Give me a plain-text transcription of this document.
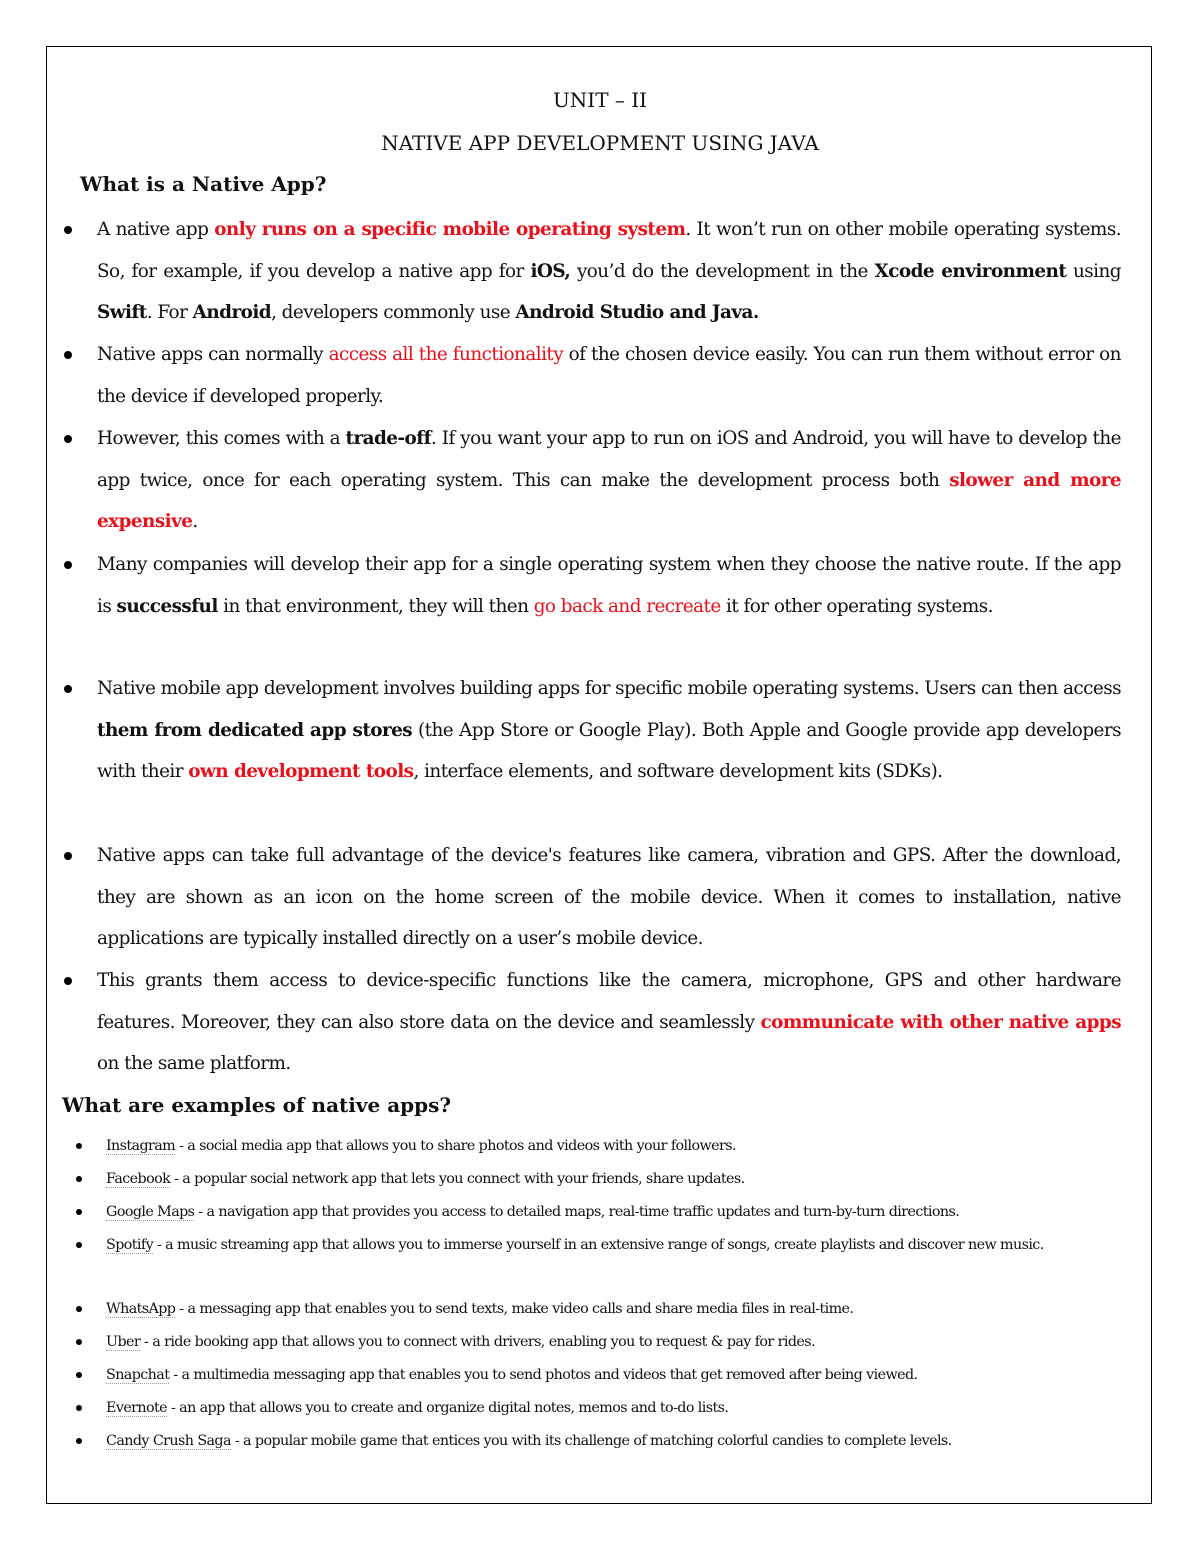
UNIT – II
NATIVE APP DEVELOPMENT USING JAVA
What is a Native App?
A native app only runs on a specific mobile operating system. It won’t run on other mobile operating systems. So, for example, if you develop a native app for iOS, you’d do the development in the Xcode environment using Swift. For Android, developers commonly use Android Studio and Java.
Native apps can normally access all the functionality of the chosen device easily. You can run them without error on the device if developed properly.
However, this comes with a trade-off. If you want your app to run on iOS and Android, you will have to develop the app twice, once for each operating system. This can make the development process both slower and more expensive.
Many companies will develop their app for a single operating system when they choose the native route. If the app is successful in that environment, they will then go back and recreate it for other operating systems.
Native mobile app development involves building apps for specific mobile operating systems. Users can then access them from dedicated app stores (the App Store or Google Play). Both Apple and Google provide app developers with their own development tools, interface elements, and software development kits (SDKs).
Native apps can take full advantage of the device's features like camera, vibration and GPS. After the download, they are shown as an icon on the home screen of the mobile device. When it comes to installation, native applications are typically installed directly on a user’s mobile device.
This grants them access to device-specific functions like the camera, microphone, GPS and other hardware features. Moreover, they can also store data on the device and seamlessly communicate with other native apps on the same platform.
What are examples of native apps?
Instagram - a social media app that allows you to share photos and videos with your followers.
Facebook - a popular social network app that lets you connect with your friends, share updates.
Google Maps - a navigation app that provides you access to detailed maps, real-time traffic updates and turn-by-turn directions.
Spotify - a music streaming app that allows you to immerse yourself in an extensive range of songs, create playlists and discover new music.
WhatsApp - a messaging app that enables you to send texts, make video calls and share media files in real-time.
Uber - a ride booking app that allows you to connect with drivers, enabling you to request & pay for rides.
Snapchat - a multimedia messaging app that enables you to send photos and videos that get removed after being viewed.
Evernote - an app that allows you to create and organize digital notes, memos and to-do lists.
Candy Crush Saga - a popular mobile game that entices you with its challenge of matching colorful candies to complete levels.
